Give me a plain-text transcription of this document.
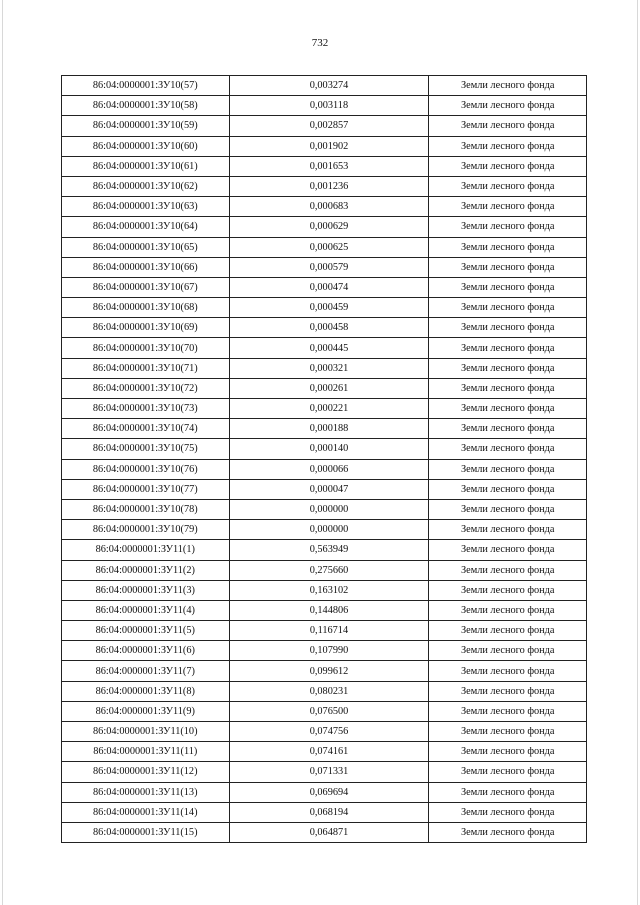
732
86:04:0000001:ЗУ10(57)	0,003274	Земли лесного фонда
86:04:0000001:ЗУ10(58)	0,003118	Земли лесного фонда
86:04:0000001:ЗУ10(59)	0,002857	Земли лесного фонда
86:04:0000001:ЗУ10(60)	0,001902	Земли лесного фонда
86:04:0000001:ЗУ10(61)	0,001653	Земли лесного фонда
86:04:0000001:ЗУ10(62)	0,001236	Земли лесного фонда
86:04:0000001:ЗУ10(63)	0,000683	Земли лесного фонда
86:04:0000001:ЗУ10(64)	0,000629	Земли лесного фонда
86:04:0000001:ЗУ10(65)	0,000625	Земли лесного фонда
86:04:0000001:ЗУ10(66)	0,000579	Земли лесного фонда
86:04:0000001:ЗУ10(67)	0,000474	Земли лесного фонда
86:04:0000001:ЗУ10(68)	0,000459	Земли лесного фонда
86:04:0000001:ЗУ10(69)	0,000458	Земли лесного фонда
86:04:0000001:ЗУ10(70)	0,000445	Земли лесного фонда
86:04:0000001:ЗУ10(71)	0,000321	Земли лесного фонда
86:04:0000001:ЗУ10(72)	0,000261	Земли лесного фонда
86:04:0000001:ЗУ10(73)	0,000221	Земли лесного фонда
86:04:0000001:ЗУ10(74)	0,000188	Земли лесного фонда
86:04:0000001:ЗУ10(75)	0,000140	Земли лесного фонда
86:04:0000001:ЗУ10(76)	0,000066	Земли лесного фонда
86:04:0000001:ЗУ10(77)	0,000047	Земли лесного фонда
86:04:0000001:ЗУ10(78)	0,000000	Земли лесного фонда
86:04:0000001:ЗУ10(79)	0,000000	Земли лесного фонда
86:04:0000001:ЗУ11(1)	0,563949	Земли лесного фонда
86:04:0000001:ЗУ11(2)	0,275660	Земли лесного фонда
86:04:0000001:ЗУ11(3)	0,163102	Земли лесного фонда
86:04:0000001:ЗУ11(4)	0,144806	Земли лесного фонда
86:04:0000001:ЗУ11(5)	0,116714	Земли лесного фонда
86:04:0000001:ЗУ11(6)	0,107990	Земли лесного фонда
86:04:0000001:ЗУ11(7)	0,099612	Земли лесного фонда
86:04:0000001:ЗУ11(8)	0,080231	Земли лесного фонда
86:04:0000001:ЗУ11(9)	0,076500	Земли лесного фонда
86:04:0000001:ЗУ11(10)	0,074756	Земли лесного фонда
86:04:0000001:ЗУ11(11)	0,074161	Земли лесного фонда
86:04:0000001:ЗУ11(12)	0,071331	Земли лесного фонда
86:04:0000001:ЗУ11(13)	0,069694	Земли лесного фонда
86:04:0000001:ЗУ11(14)	0,068194	Земли лесного фонда
86:04:0000001:ЗУ11(15)	0,064871	Земли лесного фонда
